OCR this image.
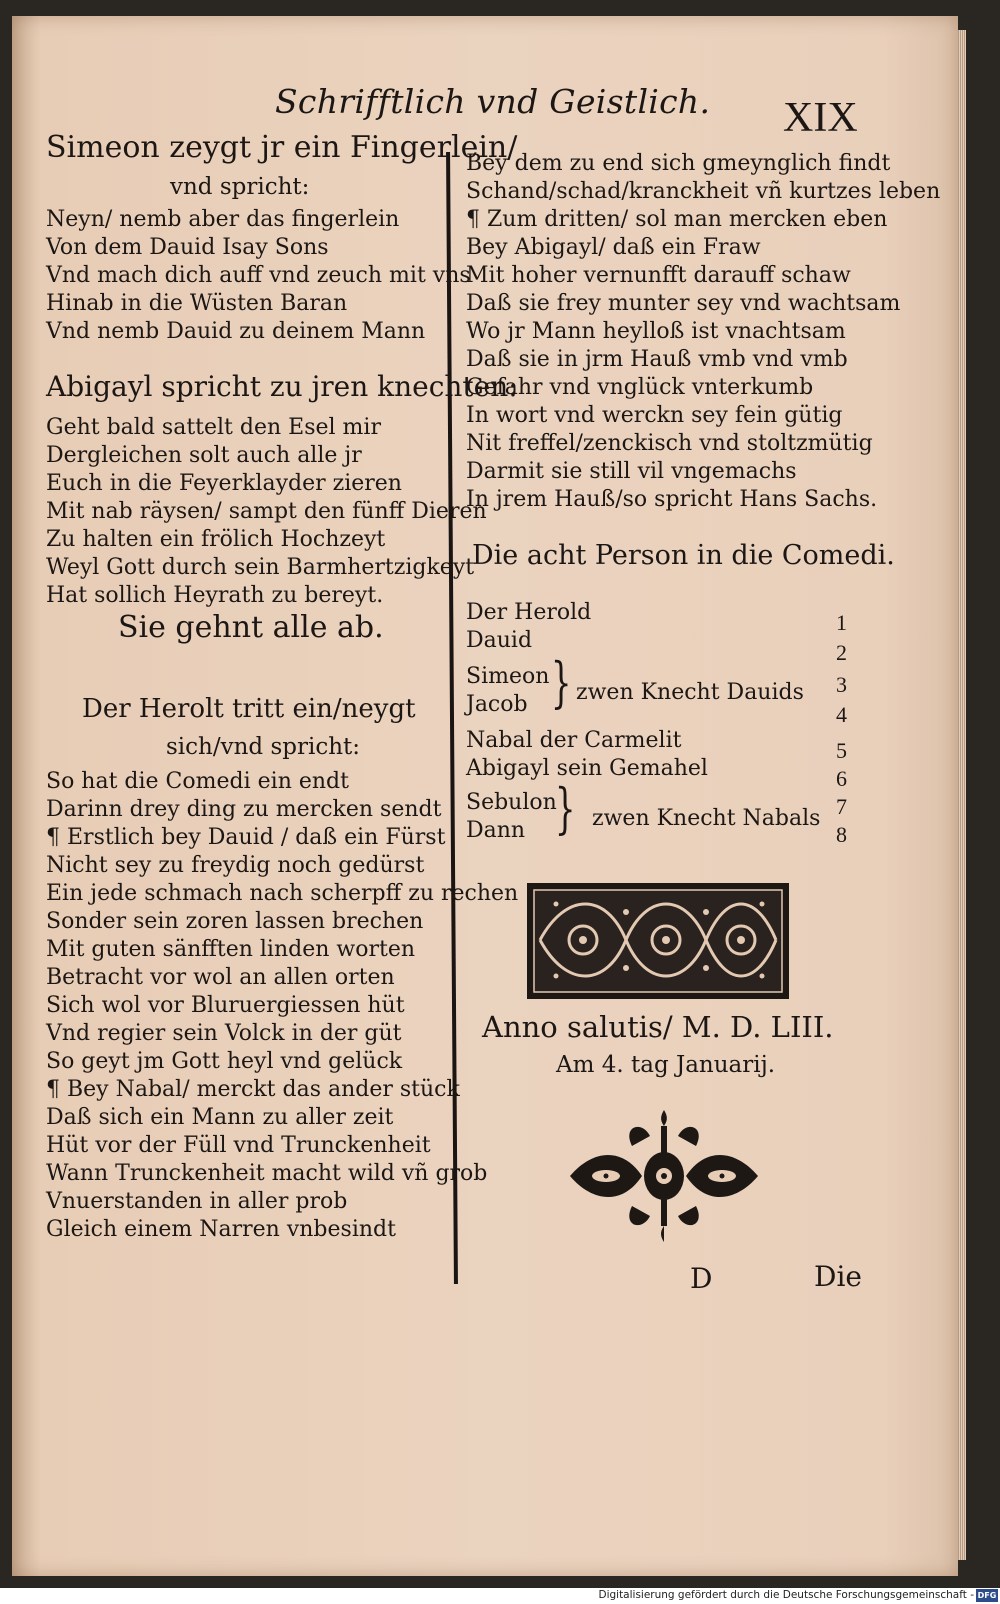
Schrifftlich vnd Geistlich. XIX
Simeon zeygt jr ein Fingerlein/
vnd spricht:
Neyn/ nemb aber das fingerlein
Von dem Dauid Isay Sons
Vnd mach dich auff vnd zeuch mit vns
Hinab in die Wüsten Baran
Vnd nemb Dauid zu deinem Mann
Abigayl spricht zu jren knechten:
Geht bald sattelt den Esel mir
Dergleichen solt auch alle jr
Euch in die Feyerklayder zieren
Mit nab räysen/ sampt den fünff Dieren
Zu halten ein frölich Hochzeyt
Weyl Gott durch sein Barmhertzigkeyt
Hat sollich Heyrath zu bereyt.
Sie gehnt alle ab.
Der Herolt tritt ein/neygt
sich/vnd spricht:
So hat die Comedi ein endt
Darinn drey ding zu mercken sendt
¶ Erstlich bey Dauid / daß ein Fürst
Nicht sey zu freydig noch gedürst
Ein jede schmach nach scherpff zu rechen
Sonder sein zoren lassen brechen
Mit guten sänfften linden worten
Betracht vor wol an allen orten
Sich wol vor Bluruergiessen hüt
Vnd regier sein Volck in der güt
So geyt jm Gott heyl vnd gelück
¶ Bey Nabal/ merckt das ander stück
Daß sich ein Mann zu aller zeit
Hüt vor der Füll vnd Trunckenheit
Wann Trunckenheit macht wild vñ grob
Vnuerstanden in aller prob
Gleich einem Narren vnbesindt
Bey dem zu end sich gmeynglich findt
Schand/schad/kranckheit vñ kurtzes leben
¶ Zum dritten/ sol man mercken eben
Bey Abigayl/ daß ein Fraw
Mit hoher vernunfft darauff schaw
Daß sie frey munter sey vnd wachtsam
Wo jr Mann heylloß ist vnachtsam
Daß sie in jrm Hauß vmb vnd vmb
Gefahr vnd vnglück vnterkumb
In wort vnd werckn sey fein gütig
Nit freffel/zenckisch vnd stoltzmütig
Darmit sie still vil vngemachs
In jrem Hauß/so spricht Hans Sachs.
Die acht Person in die Comedi.
Der Herold
Dauid
Simeon
Jacob } zwen Knecht Dauids
Nabal der Carmelit
Abigayl sein Gemahel
Sebulon
Dann } zwen Knecht Nabals
1
2
3
4
5
6
7
8
Anno salutis/ M. D. LIII.
Am 4. tag Januarij.
D	Die
Digitalisierung gefördert durch die Deutsche Forschungsgemeinschaft - DFG
